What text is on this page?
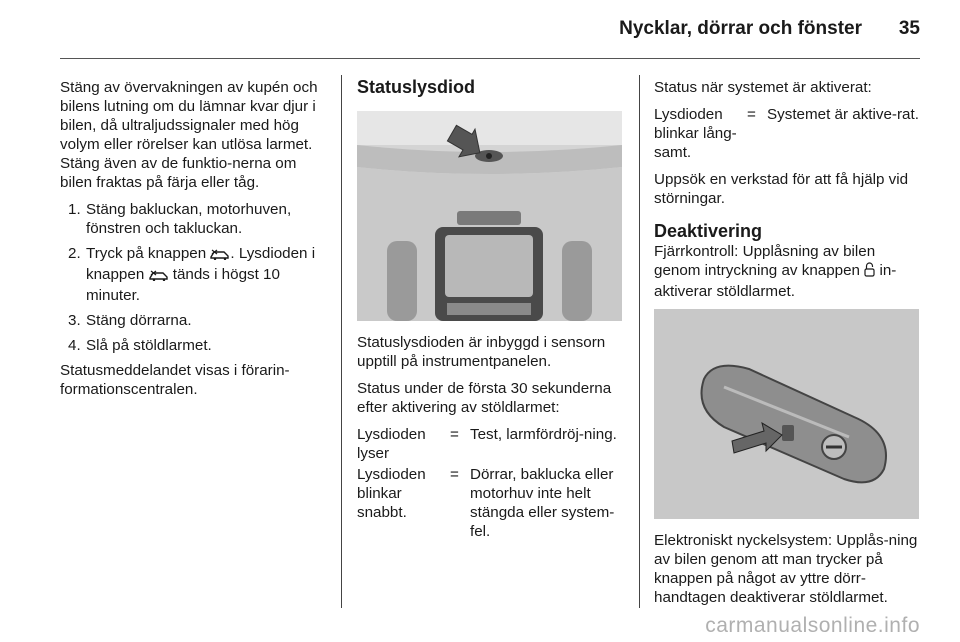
Nycklar, dörrar och fönster 35

Stäng av övervakningen av kupén och bilens lutning om du lämnar kvar djur i bilen, då ultraljudssignaler med hög volym eller rörelser kan utlösa larmet. Stäng även av de funktio-nerna om bilen fraktas på färja eller tåg.

1. Stäng bakluckan, motorhuven, fönstren och takluckan.
2. Tryck på knappen . Lysdioden i knappen  tänds i högst 10 minuter.
3. Stäng dörrarna.
4. Slå på stöldlarmet.

Statusmeddelandet visas i förarin-formationscentralen.

Statuslysdiod

Statuslysdioden är inbyggd i sensorn upptill på instrumentpanelen.

Status under de första 30 sekunderna efter aktivering av stöldlarmet:

Lysdioden lyser
= Test, larmfördröj-ning.
Lysdioden blinkar snabbt.
= Dörrar, baklucka eller motorhuv inte helt stängda eller system-fel.

Status när systemet är aktiverat:

Lysdioden blinkar lång-samt.
= Systemet är aktive-rat.

Uppsök en verkstad för att få hjälp vid störningar.

Deaktivering

Fjärrkontroll: Upplåsning av bilen genom intryckning av knappen  in-aktiverar stöldlarmet.

Elektroniskt nyckelsystem: Upplås-ning av bilen genom att man trycker på knappen på något av yttre dörr-handtagen deaktiverar stöldlarmet.

carmanualsonline.info
